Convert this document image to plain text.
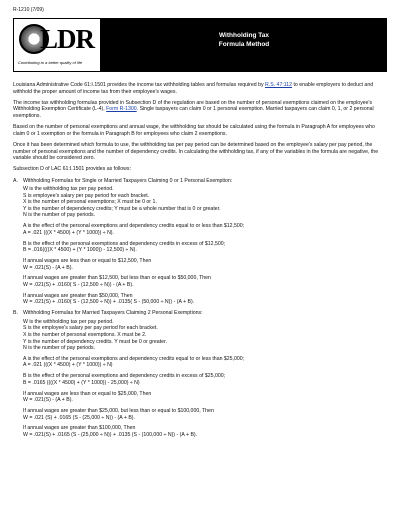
R-1210 (7/09)
LDR
Contributing to a better quality of life
Withholding Tax
Formula Method

Louisiana Administrative Code 61:I.1501 provides the income tax withholding tables and formulas required by R.S. 47:112 to enable employers to deduct and withhold the proper amount of income tax from their employee's wages.

The income tax withholding formulas provided in Subsection D of the regulation are based on the number of personal exemptions claimed on the employee's Withholding Exemption Certificate (L-4), Form R-1300. Single taxpayers can claim 0 or 1 personal exemption. Married taxpayers can claim 0, 1, or 2 personal exemptions.

Based on the number of personal exemptions and annual wage, the withholding tax should be calculated using the formula in Paragraph A for employees who claim 0 or 1 exemption or the formula in Paragraph B for employees who claim 2 exemptions.

Once it has been determined which formula to use, the withholding tax per pay period can be determined based on the employee's salary per pay period, the number of personal exemptions and the number of dependency credits. In calculating the withholding tax, if any of the variables in the formula are negative, the variable should be considered zero.

Subsection D of LAC 61:I.1501 provides as follows:

A. Withholding Formulas for Single or Married Taxpayers Claiming 0 or 1 Personal Exemption:

W is the withholding tax per pay period.

S is employee's salary per pay period for each bracket.

X is the number of personal exemptions; X must be 0 or 1.

Y is the number of dependency credits; Y must be a whole number that is 0 or greater.

N is the number of pay periods.

A is the effect of the personal exemptions and dependency credits equal to or less than $12,500;

A = .021 (((X * 4500) + (Y * 1000)) ÷ N).

B is the effect of the personal exemptions and dependency credits in excess of $12,500;

B = .016((((X * 4500) + (Y * 1000)) - 12,500) ÷ N).

If annual wages are less than or equal to $12,500, Then

W = .021(S) - (A + B).

If annual wages are greater than $12,500, but less than or equal to $50,000, Then

W = .021(S) + .0160( S - (12,500 ÷ N)) - (A + B).

If annual wages are greater than $50,000, Then

W = .021(S) + .0160( S - (12,500 ÷ N)) + .0135( S - (50,000 ÷ N)) - (A + B).

B. Withholding Formulas for Married Taxpayers Claiming 2 Personal Exemptions:

W is the withholding tax per pay period.

S is the employee's salary per pay period for each bracket.

X is the number of personal exemptions. X must be 2.

Y is the number of dependency credits. Y must be 0 or greater.

N is the number of pay periods.

A is the effect of the personal exemptions and dependency credits equal to or less than $25,000;

A = .021 (((X * 4500) + (Y * 1000)) ÷ N)

B is the effect of the personal exemptions and dependency credits in excess of $25,000;

B = .0165 ((((X * 4500) + (Y * 1000)) - 25,000) ÷ N)

If annual wages are less than or equal to $25,000, Then

W = .021(S) - (A + B).

If annual wages are greater than $25,000, but less than or equal to $100,000, Then

W = .021 (S) + .0165 (S - (25,000 ÷ N)) - (A + B).

If annual wages are greater than $100,000, Then

W = .021(S) + .0165 (S - (25,000 ÷ N)) + .0135 (S - (100,000 ÷ N)) - (A + B).
